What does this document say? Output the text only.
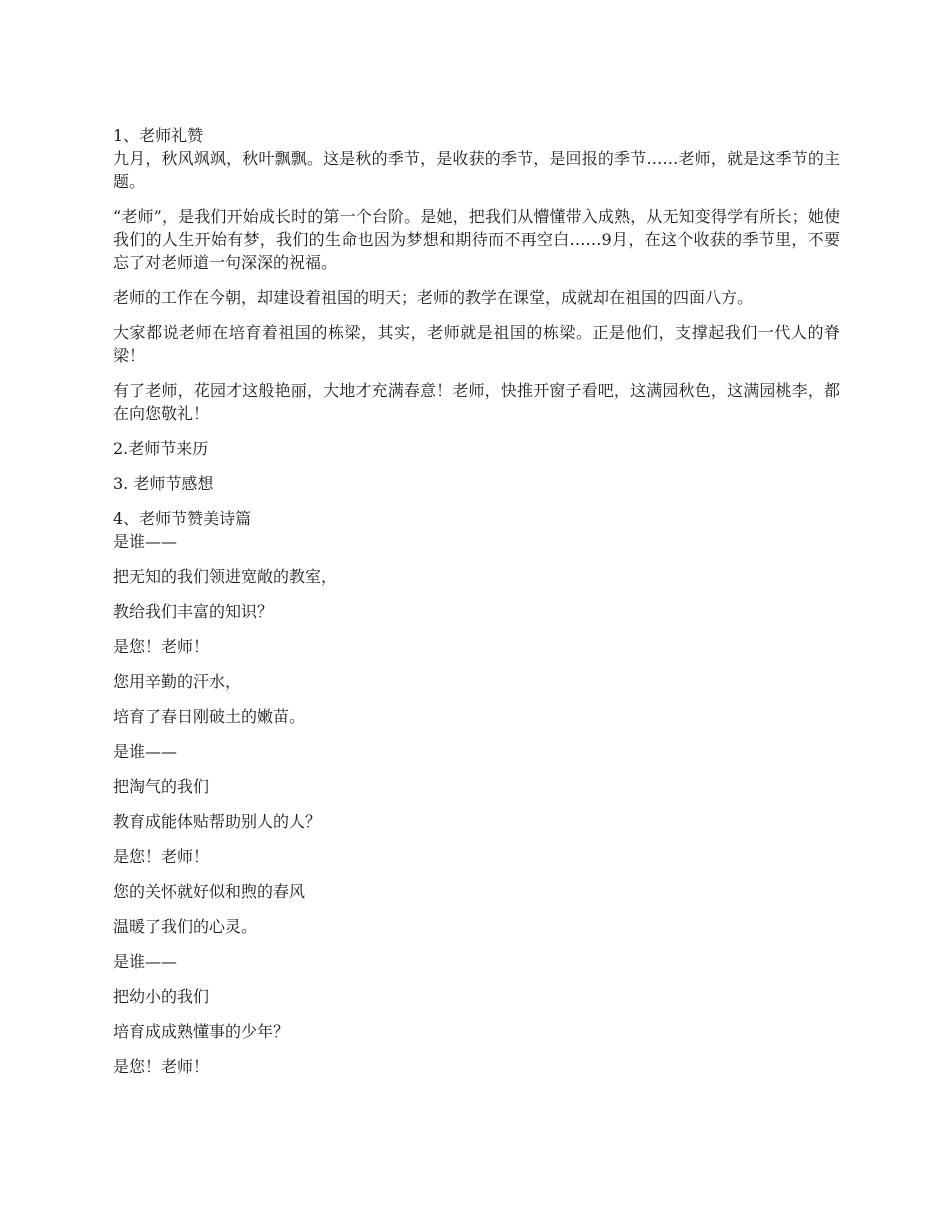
1、老师礼赞

九月，秋风飒飒，秋叶飘飘。这是秋的季节，是收获的季节，是回报的季节……老师，就是这季节的主题。

“老师”，是我们开始成长时的第一个台阶。是她，把我们从懵懂带入成熟，从无知变得学有所长；她使我们的人生开始有梦，我们的生命也因为梦想和期待而不再空白……9月，在这个收获的季节里，不要忘了对老师道一句深深的祝福。

老师的工作在今朝，却建设着祖国的明天；老师的教学在课堂，成就却在祖国的四面八方。

大家都说老师在培育着祖国的栋梁，其实，老师就是祖国的栋梁。正是他们，支撑起我们一代人的脊梁！

有了老师，花园才这般艳丽，大地才充满春意！老师，快推开窗子看吧，这满园秋色，这满园桃李，都在向您敬礼！

2.老师节来历

3. 老师节感想

4、老师节赞美诗篇

是谁——

把无知的我们领进宽敞的教室，

教给我们丰富的知识？

是您！老师！

您用辛勤的汗水，

培育了春日刚破土的嫩苗。

是谁——

把淘气的我们

教育成能体贴帮助别人的人？

是您！老师！

您的关怀就好似和煦的春风

温暖了我们的心灵。

是谁——

把幼小的我们

培育成成熟懂事的少年？

是您！老师！
